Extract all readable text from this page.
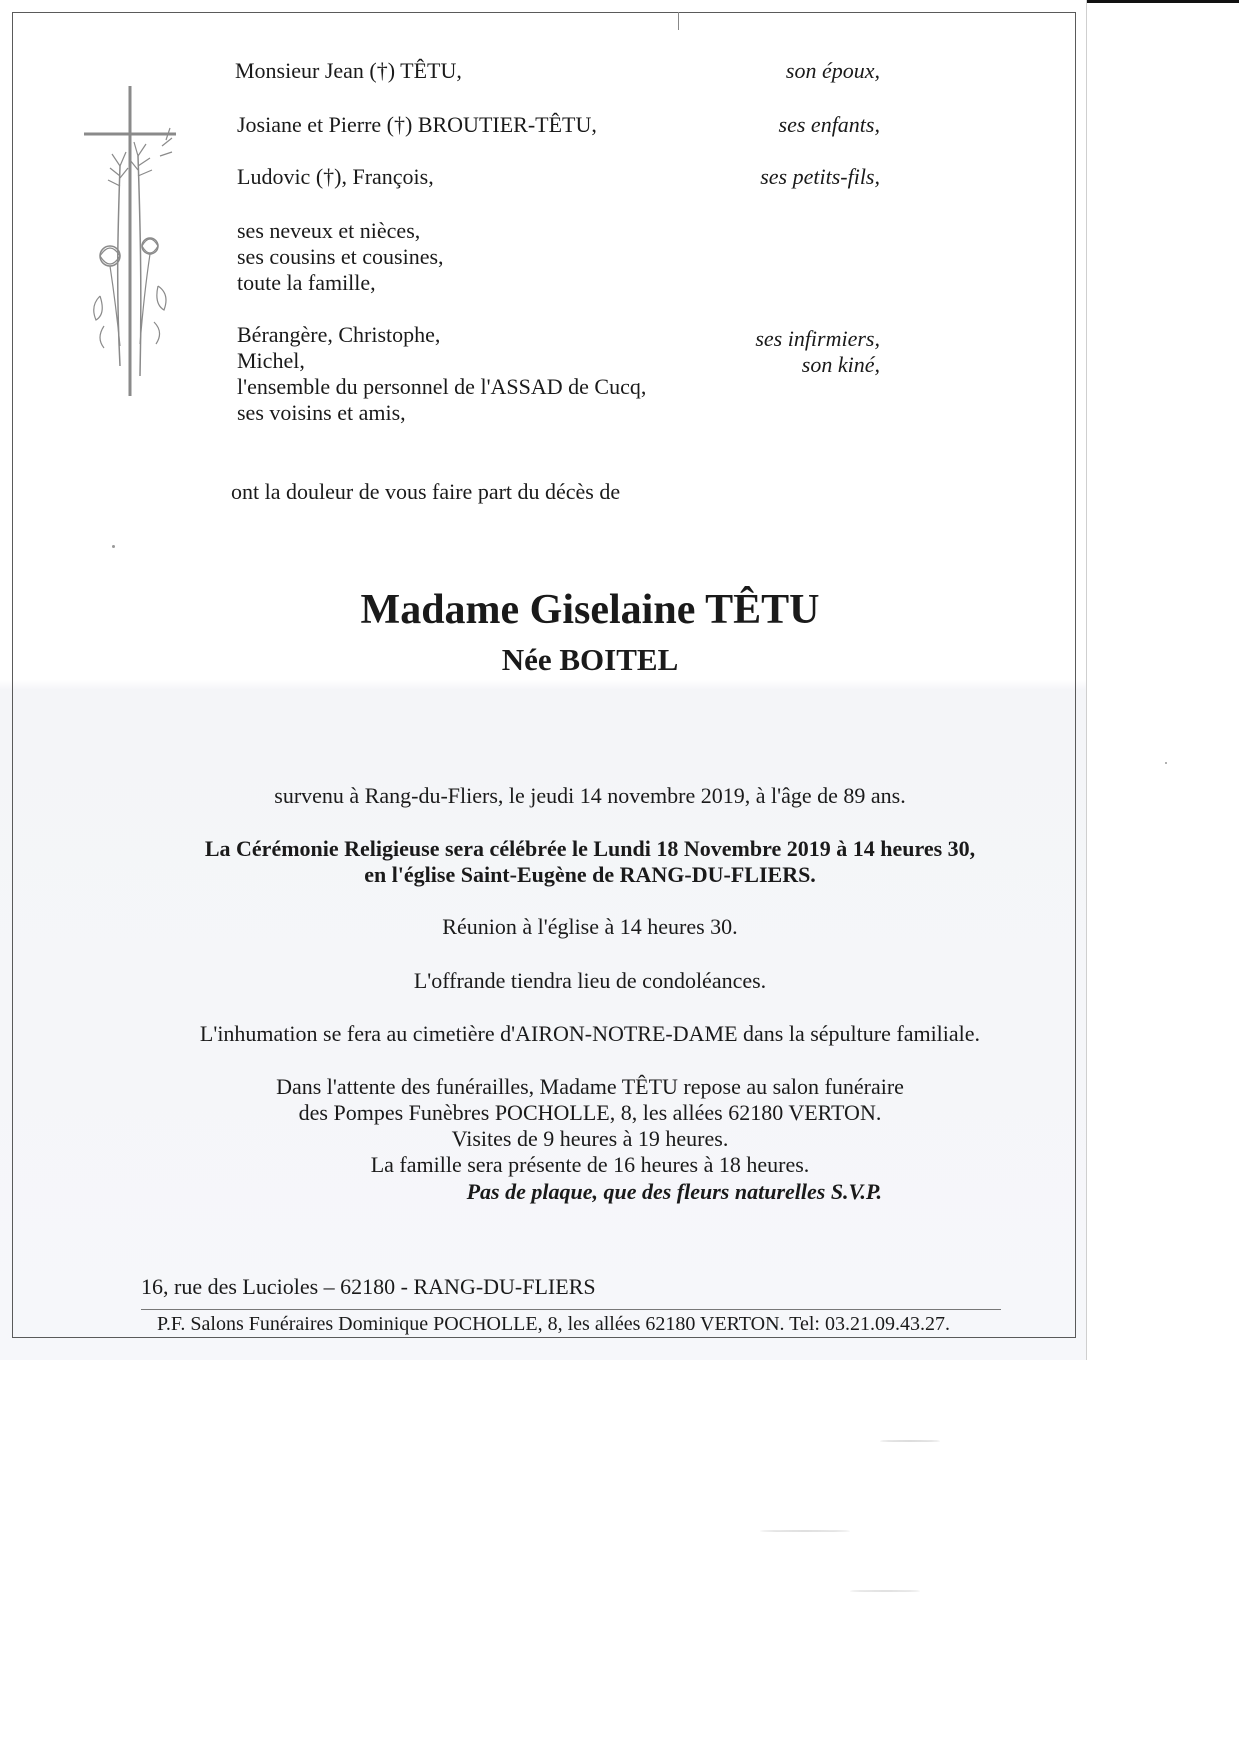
Monsieur Jean (†) TÊTU,	son époux,
Josiane et Pierre (†) BROUTIER-TÊTU,	ses enfants,
Ludovic (†), François,	ses petits-fils,
ses neveux et nièces,
ses cousins et cousines,
toute la famille,
Bérangère, Christophe,	ses infirmiers,
Michel,	son kiné,
l'ensemble du personnel de l'ASSAD de Cucq,
ses voisins et amis,
ont la douleur de vous faire part du décès de
Madame Giselaine TÊTU
Née BOITEL
survenu à Rang-du-Fliers, le jeudi 14 novembre 2019, à l'âge de 89 ans.
La Cérémonie Religieuse sera célébrée le Lundi 18 Novembre 2019 à 14 heures 30,
en l'église Saint-Eugène de RANG-DU-FLIERS.
Réunion à l'église à 14 heures 30.
L'offrande tiendra lieu de condoléances.
L'inhumation se fera au cimetière d'AIRON-NOTRE-DAME dans la sépulture familiale.
Dans l'attente des funérailles, Madame TÊTU repose au salon funéraire
des Pompes Funèbres POCHOLLE, 8, les allées 62180 VERTON.
Visites de 9 heures à 19 heures.
La famille sera présente de 16 heures à 18 heures.
Pas de plaque, que des fleurs naturelles S.V.P.
16, rue des Lucioles – 62180 - RANG-DU-FLIERS
P.F. Salons Funéraires Dominique POCHOLLE, 8, les allées 62180 VERTON. Tel: 03.21.09.43.27.
